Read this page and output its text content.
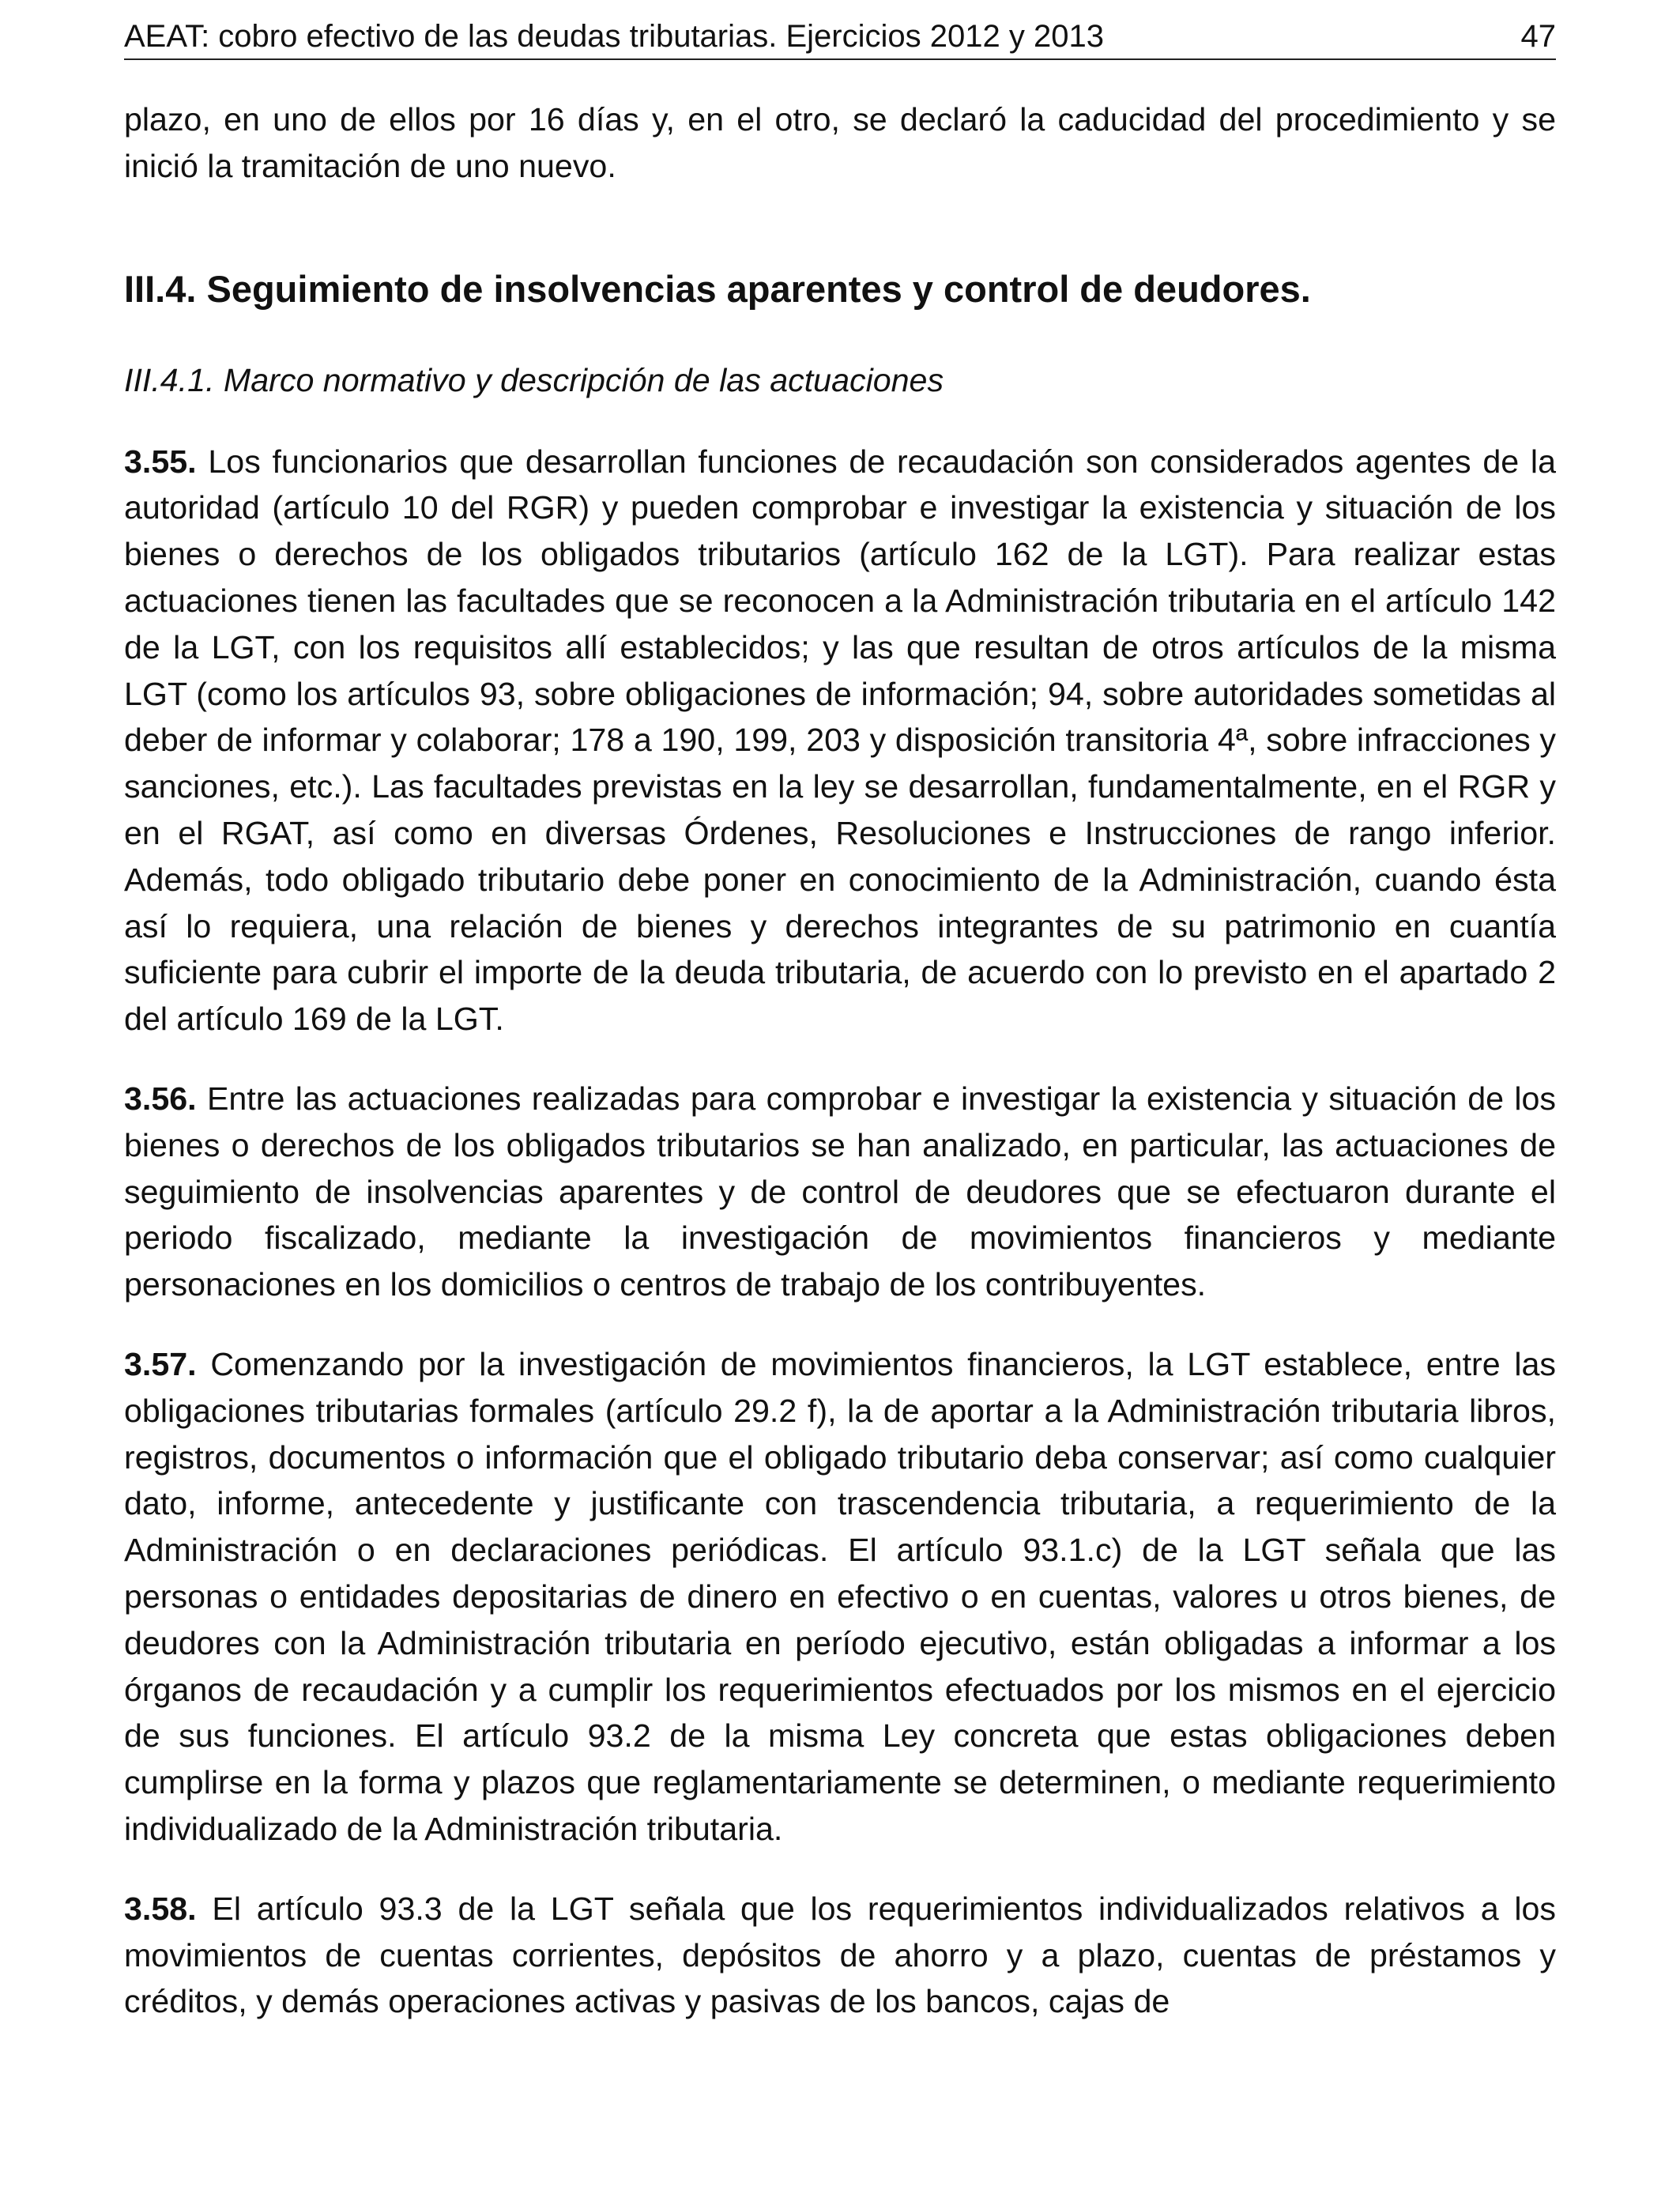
AEAT: cobro efectivo de las deudas tributarias. Ejercicios 2012 y 2013	47

plazo, en uno de ellos por 16 días y, en el otro, se declaró la caducidad del procedimiento y se inició la tramitación de uno nuevo.

III.4. Seguimiento de insolvencias aparentes y control de deudores.
III.4.1. Marco normativo y descripción de las actuaciones

3.55. Los funcionarios que desarrollan funciones de recaudación son considerados agentes de la autoridad (artículo 10 del RGR) y pueden comprobar e investigar la existencia y situación de los bienes o derechos de los obligados tributarios (artículo 162 de la LGT). Para realizar estas actuaciones tienen las facultades que se reconocen a la Administración tributaria en el artículo 142 de la LGT, con los requisitos allí establecidos; y las que resultan de otros artículos de la misma LGT (como los artículos 93, sobre obligaciones de información; 94, sobre autoridades sometidas al deber de informar y colaborar; 178 a 190, 199, 203 y disposición transitoria 4ª, sobre infracciones y sanciones, etc.). Las facultades previstas en la ley se desarrollan, fundamentalmente, en el RGR y en el RGAT, así como en diversas Órdenes, Resoluciones e Instrucciones de rango inferior. Además, todo obligado tributario debe poner en conocimiento de la Administración, cuando ésta así lo requiera, una relación de bienes y derechos integrantes de su patrimonio en cuantía suficiente para cubrir el importe de la deuda tributaria, de acuerdo con lo previsto en el apartado 2 del artículo 169 de la LGT.

3.56. Entre las actuaciones realizadas para comprobar e investigar la existencia y situación de los bienes o derechos de los obligados tributarios se han analizado, en particular, las actuaciones de seguimiento de insolvencias aparentes y de control de deudores que se efectuaron durante el periodo fiscalizado, mediante la investigación de movimientos financieros y mediante personaciones en los domicilios o centros de trabajo de los contribuyentes.

3.57. Comenzando por la investigación de movimientos financieros, la LGT establece, entre las obligaciones tributarias formales (artículo 29.2 f), la de aportar a la Administración tributaria libros, registros, documentos o información que el obligado tributario deba conservar; así como cualquier dato, informe, antecedente y justificante con trascendencia tributaria, a requerimiento de la Administración o en declaraciones periódicas. El artículo 93.1.c) de la LGT señala que las personas o entidades depositarias de dinero en efectivo o en cuentas, valores u otros bienes, de deudores con la Administración tributaria en período ejecutivo, están obligadas a informar a los órganos de recaudación y a cumplir los requerimientos efectuados por los mismos en el ejercicio de sus funciones. El artículo 93.2 de la misma Ley concreta que estas obligaciones deben cumplirse en la forma y plazos que reglamentariamente se determinen, o mediante requerimiento individualizado de la Administración tributaria.

3.58. El artículo 93.3 de la LGT señala que los requerimientos individualizados relativos a los movimientos de cuentas corrientes, depósitos de ahorro y a plazo, cuentas de préstamos y créditos, y demás operaciones activas y pasivas de los bancos, cajas de
